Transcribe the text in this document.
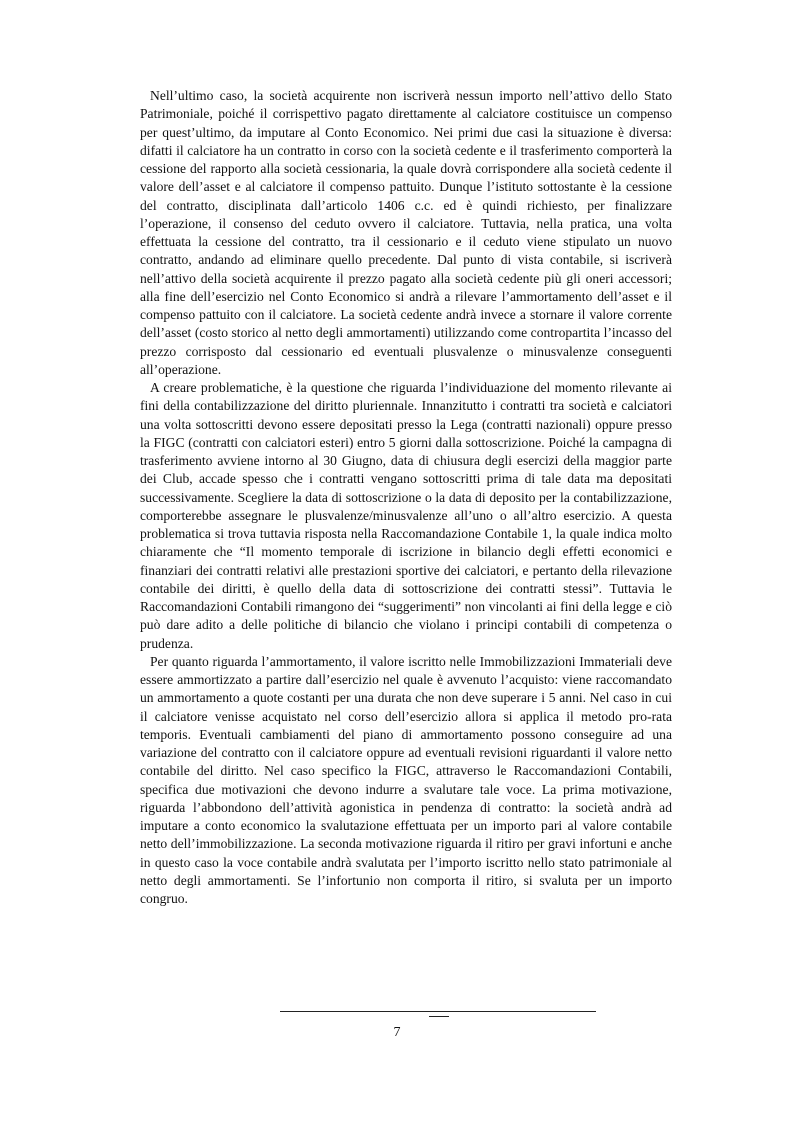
Nell’ultimo caso, la società acquirente non iscriverà nessun importo nell’attivo dello Stato Patrimoniale, poiché il corrispettivo pagato direttamente al calciatore costituisce un compenso per quest’ultimo, da imputare al Conto Economico. Nei primi due casi la situazione è diversa: difatti il calciatore ha un contratto in corso con la società cedente e il trasferimento comporterà la cessione del rapporto alla società cessionaria, la quale dovrà corrispondere alla società cedente il valore dell’asset e al calciatore il compenso pattuito. Dunque l’istituto sottostante è la cessione del contratto, disciplinata dall’articolo 1406 c.c. ed è quindi richiesto, per finalizzare l’operazione, il consenso del ceduto ovvero il calciatore. Tuttavia, nella pratica, una volta effettuata la cessione del contratto, tra il cessionario e il ceduto viene stipulato un nuovo contratto, andando ad eliminare quello precedente. Dal punto di vista contabile, si iscriverà nell’attivo della società acquirente il prezzo pagato alla società cedente più gli oneri accessori; alla fine dell’esercizio nel Conto Economico si andrà a rilevare l’ammortamento dell’asset e il compenso pattuito con il calciatore. La società cedente andrà invece a stornare il valore corrente dell’asset (costo storico al netto degli ammortamenti) utilizzando come contropartita l’incasso del prezzo corrisposto dal cessionario ed eventuali plusvalenze o minusvalenze conseguenti all’operazione.

A creare problematiche, è la questione che riguarda l’individuazione del momento rilevante ai fini della contabilizzazione del diritto pluriennale. Innanzitutto i contratti tra società e calciatori una volta sottoscritti devono essere depositati presso la Lega (contratti nazionali) oppure presso la FIGC (contratti con calciatori esteri) entro 5 giorni dalla sottoscrizione. Poiché la campagna di trasferimento avviene intorno al 30 Giugno, data di chiusura degli esercizi della maggior parte dei Club, accade spesso che i contratti vengano sottoscritti prima di tale data ma depositati successivamente. Scegliere la data di sottoscrizione o la data di deposito per la contabilizzazione, comporterebbe assegnare le plusvalenze/minusvalenze all’uno o all’altro esercizio. A questa problematica si trova tuttavia risposta nella Raccomandazione Contabile 1, la quale indica molto chiaramente che “Il momento temporale di iscrizione in bilancio degli effetti economici e finanziari dei contratti relativi alle prestazioni sportive dei calciatori, e pertanto della rilevazione contabile dei diritti, è quello della data di sottoscrizione dei contratti stessi”. Tuttavia le Raccomandazioni Contabili rimangono dei “suggerimenti” non vincolanti ai fini della legge e ciò può dare adito a delle politiche di bilancio che violano i principi contabili di competenza o prudenza.

Per quanto riguarda l’ammortamento, il valore iscritto nelle Immobilizzazioni Immateriali deve essere ammortizzato a partire dall’esercizio nel quale è avvenuto l’acquisto: viene raccomandato un ammortamento a quote costanti per una durata che non deve superare i 5 anni. Nel caso in cui il calciatore venisse acquistato nel corso dell’esercizio allora si applica il metodo pro-rata temporis. Eventuali cambiamenti del piano di ammortamento possono conseguire ad una variazione del contratto con il calciatore oppure ad eventuali revisioni riguardanti il valore netto contabile del diritto. Nel caso specifico la FIGC, attraverso le Raccomandazioni Contabili, specifica due motivazioni che devono indurre a svalutare tale voce. La prima motivazione, riguarda l’abbondono dell’attività agonistica in pendenza di contratto: la società andrà ad imputare a conto economico la svalutazione effettuata per un importo pari al valore contabile netto dell’immobilizzazione. La seconda motivazione riguarda il ritiro per gravi infortuni e anche in questo caso la voce contabile andrà svalutata per l’importo iscritto nello stato patrimoniale al netto degli ammortamenti. Se l’infortunio non comporta il ritiro, si svaluta per un importo congruo.

7
